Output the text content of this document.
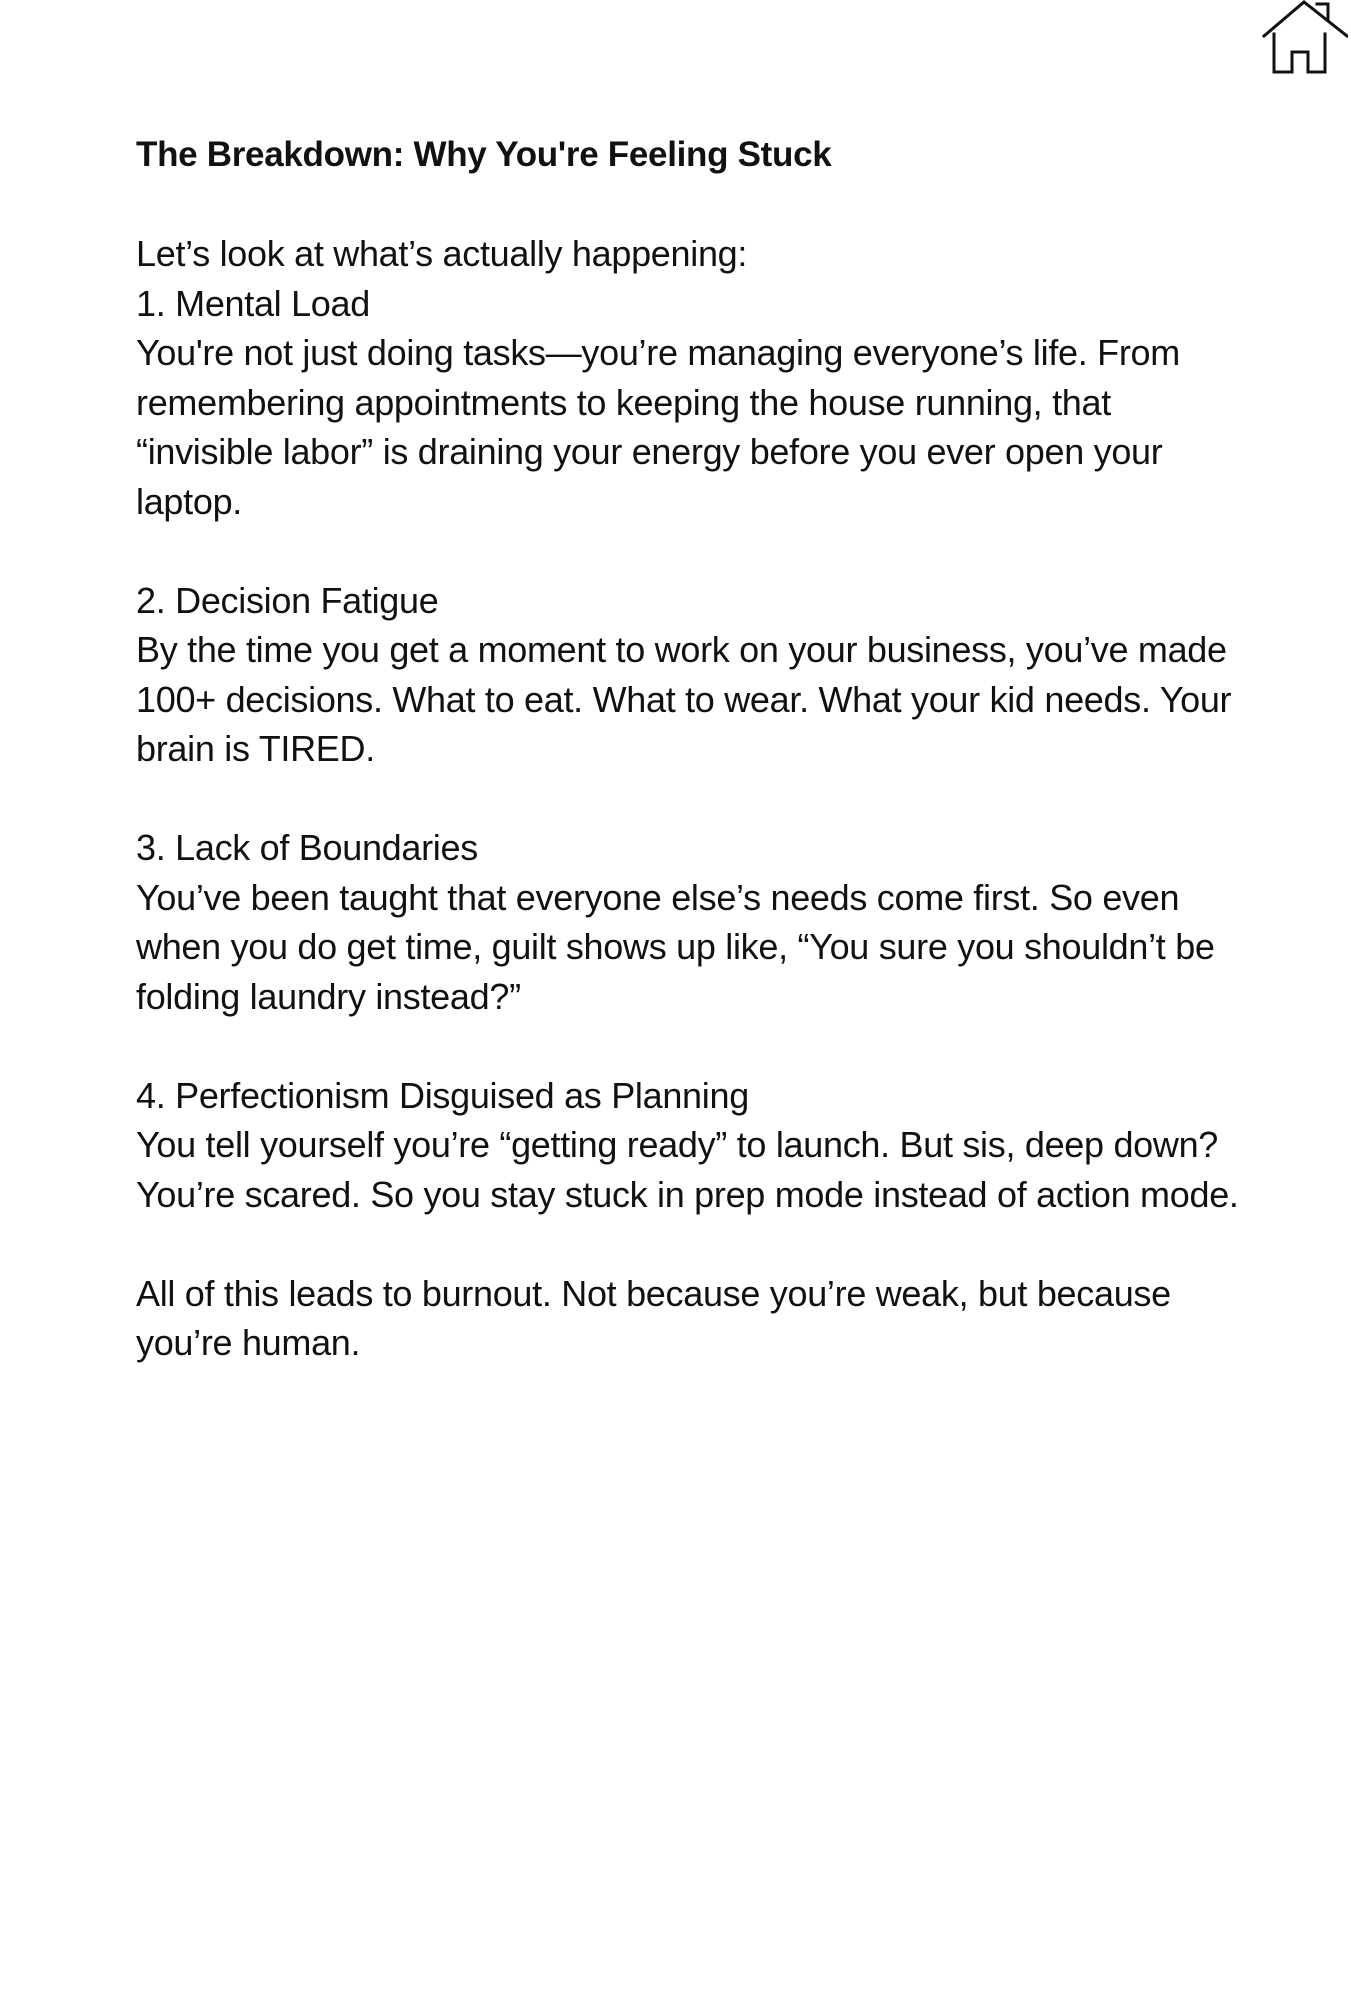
The Breakdown: Why You're Feeling Stuck

Let’s look at what’s actually happening:

1. Mental Load

You're not just doing tasks—you’re managing everyone’s life. From remembering appointments to keeping the house running, that “invisible labor” is draining your energy before you ever open your laptop.

2. Decision Fatigue

By the time you get a moment to work on your business, you’ve made 100+ decisions. What to eat. What to wear. What your kid needs. Your brain is TIRED.

3. Lack of Boundaries

You’ve been taught that everyone else’s needs come first. So even when you do get time, guilt shows up like, “You sure you shouldn’t be folding laundry instead?”

4. Perfectionism Disguised as Planning

You tell yourself you’re “getting ready” to launch. But sis, deep down? You’re scared. So you stay stuck in prep mode instead of action mode.

All of this leads to burnout. Not because you’re weak, but because you’re human.
